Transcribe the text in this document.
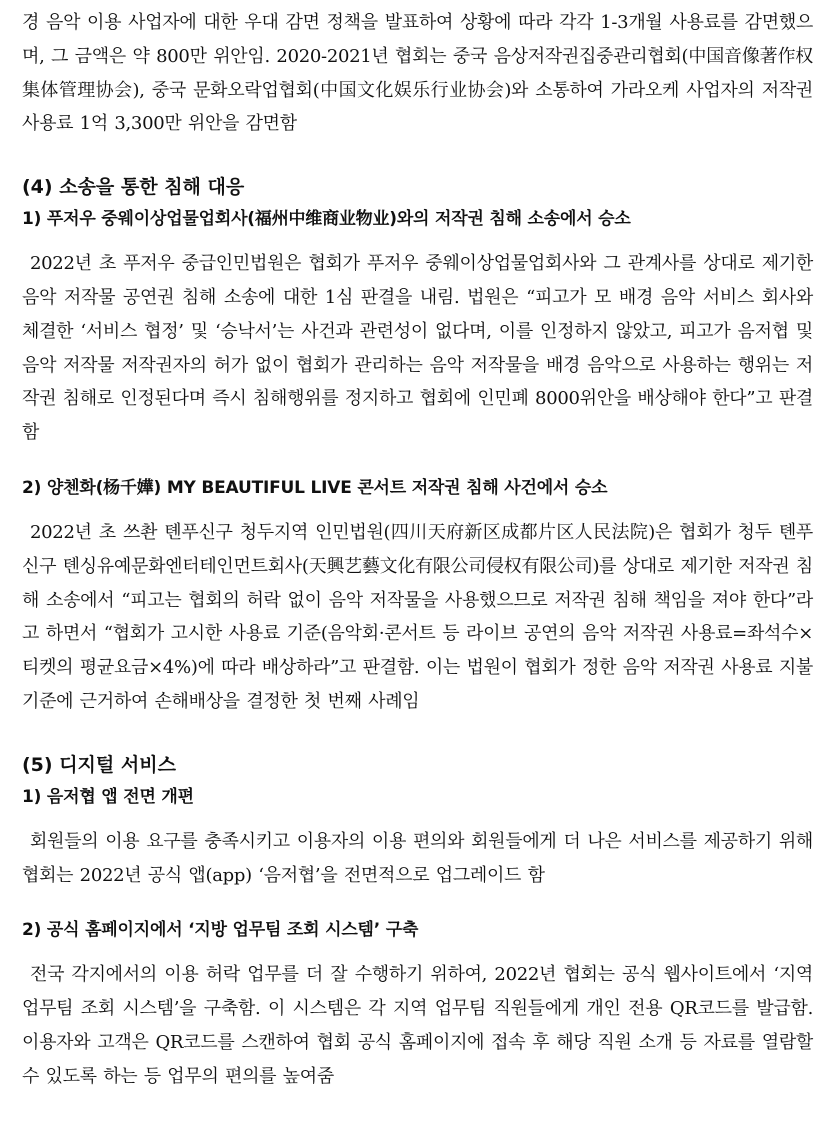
경 음악 이용 사업자에 대한 우대 감면 정책을 발표하여 상황에 따라 각각 1-3개월 사용료를 감면했으며, 그 금액은 약 800만 위안임. 2020-2021년 협회는 중국 음상저작권집중관리협회(中国音像著作权集体管理协会), 중국 문화오락업협회(中国文化娱乐行业协会)와 소통하여 가라오케 사업자의 저작권 사용료 1억 3,300만 위안을 감면함

(4) 소송을 통한 침해 대응
1) 푸저우 중웨이상업물업회사(福州中维商业物业)와의 저작권 침해 소송에서 승소

2022년 초 푸저우 중급인민법원은 협회가 푸저우 중웨이상업물업회사와 그 관계사를 상대로 제기한 음악 저작물 공연권 침해 소송에 대한 1심 판결을 내림. 법원은 “피고가 모 배경 음악 서비스 회사와 체결한 ‘서비스 협정’ 및 ‘승낙서’는 사건과 관련성이 없다며, 이를 인정하지 않았고, 피고가 음저협 및 음악 저작물 저작권자의 허가 없이 협회가 관리하는 음악 저작물을 배경 음악으로 사용하는 행위는 저작권 침해로 인정된다며 즉시 침해행위를 정지하고 협회에 인민폐 8000위안을 배상해야 한다”고 판결함

2) 양첸화(杨千嬅) MY BEAUTIFUL LIVE 콘서트 저작권 침해 사건에서 승소

2022년 초 쓰촨 톈푸신구 청두지역 인민법원(四川天府新区成都片区人民法院)은 협회가 청두 톈푸신구 톈싱유예문화엔터테인먼트회사(天興艺藝文化有限公司侵权有限公司)를 상대로 제기한 저작권 침해 소송에서 “피고는 협회의 허락 없이 음악 저작물을 사용했으므로 저작권 침해 책임을 져야 한다”라고 하면서 “협회가 고시한 사용료 기준(음악회·콘서트 등 라이브 공연의 음악 저작권 사용료=좌석수×티켓의 평균요금×4%)에 따라 배상하라”고 판결함. 이는 법원이 협회가 정한 음악 저작권 사용료 지불 기준에 근거하여 손해배상을 결정한 첫 번째 사례임

(5) 디지털 서비스
1) 음저협 앱 전면 개편

회원들의 이용 요구를 충족시키고 이용자의 이용 편의와 회원들에게 더 나은 서비스를 제공하기 위해 협회는 2022년 공식 앱(app) ‘음저협’을 전면적으로 업그레이드 함

2) 공식 홈페이지에서 ‘지방 업무팀 조회 시스템’ 구축

전국 각지에서의 이용 허락 업무를 더 잘 수행하기 위하여, 2022년 협회는 공식 웹사이트에서 ‘지역 업무팀 조회 시스템’을 구축함. 이 시스템은 각 지역 업무팀 직원들에게 개인 전용 QR코드를 발급함. 이용자와 고객은 QR코드를 스캔하여 협회 공식 홈페이지에 접속 후 해당 직원 소개 등 자료를 열람할 수 있도록 하는 등 업무의 편의를 높여줌
